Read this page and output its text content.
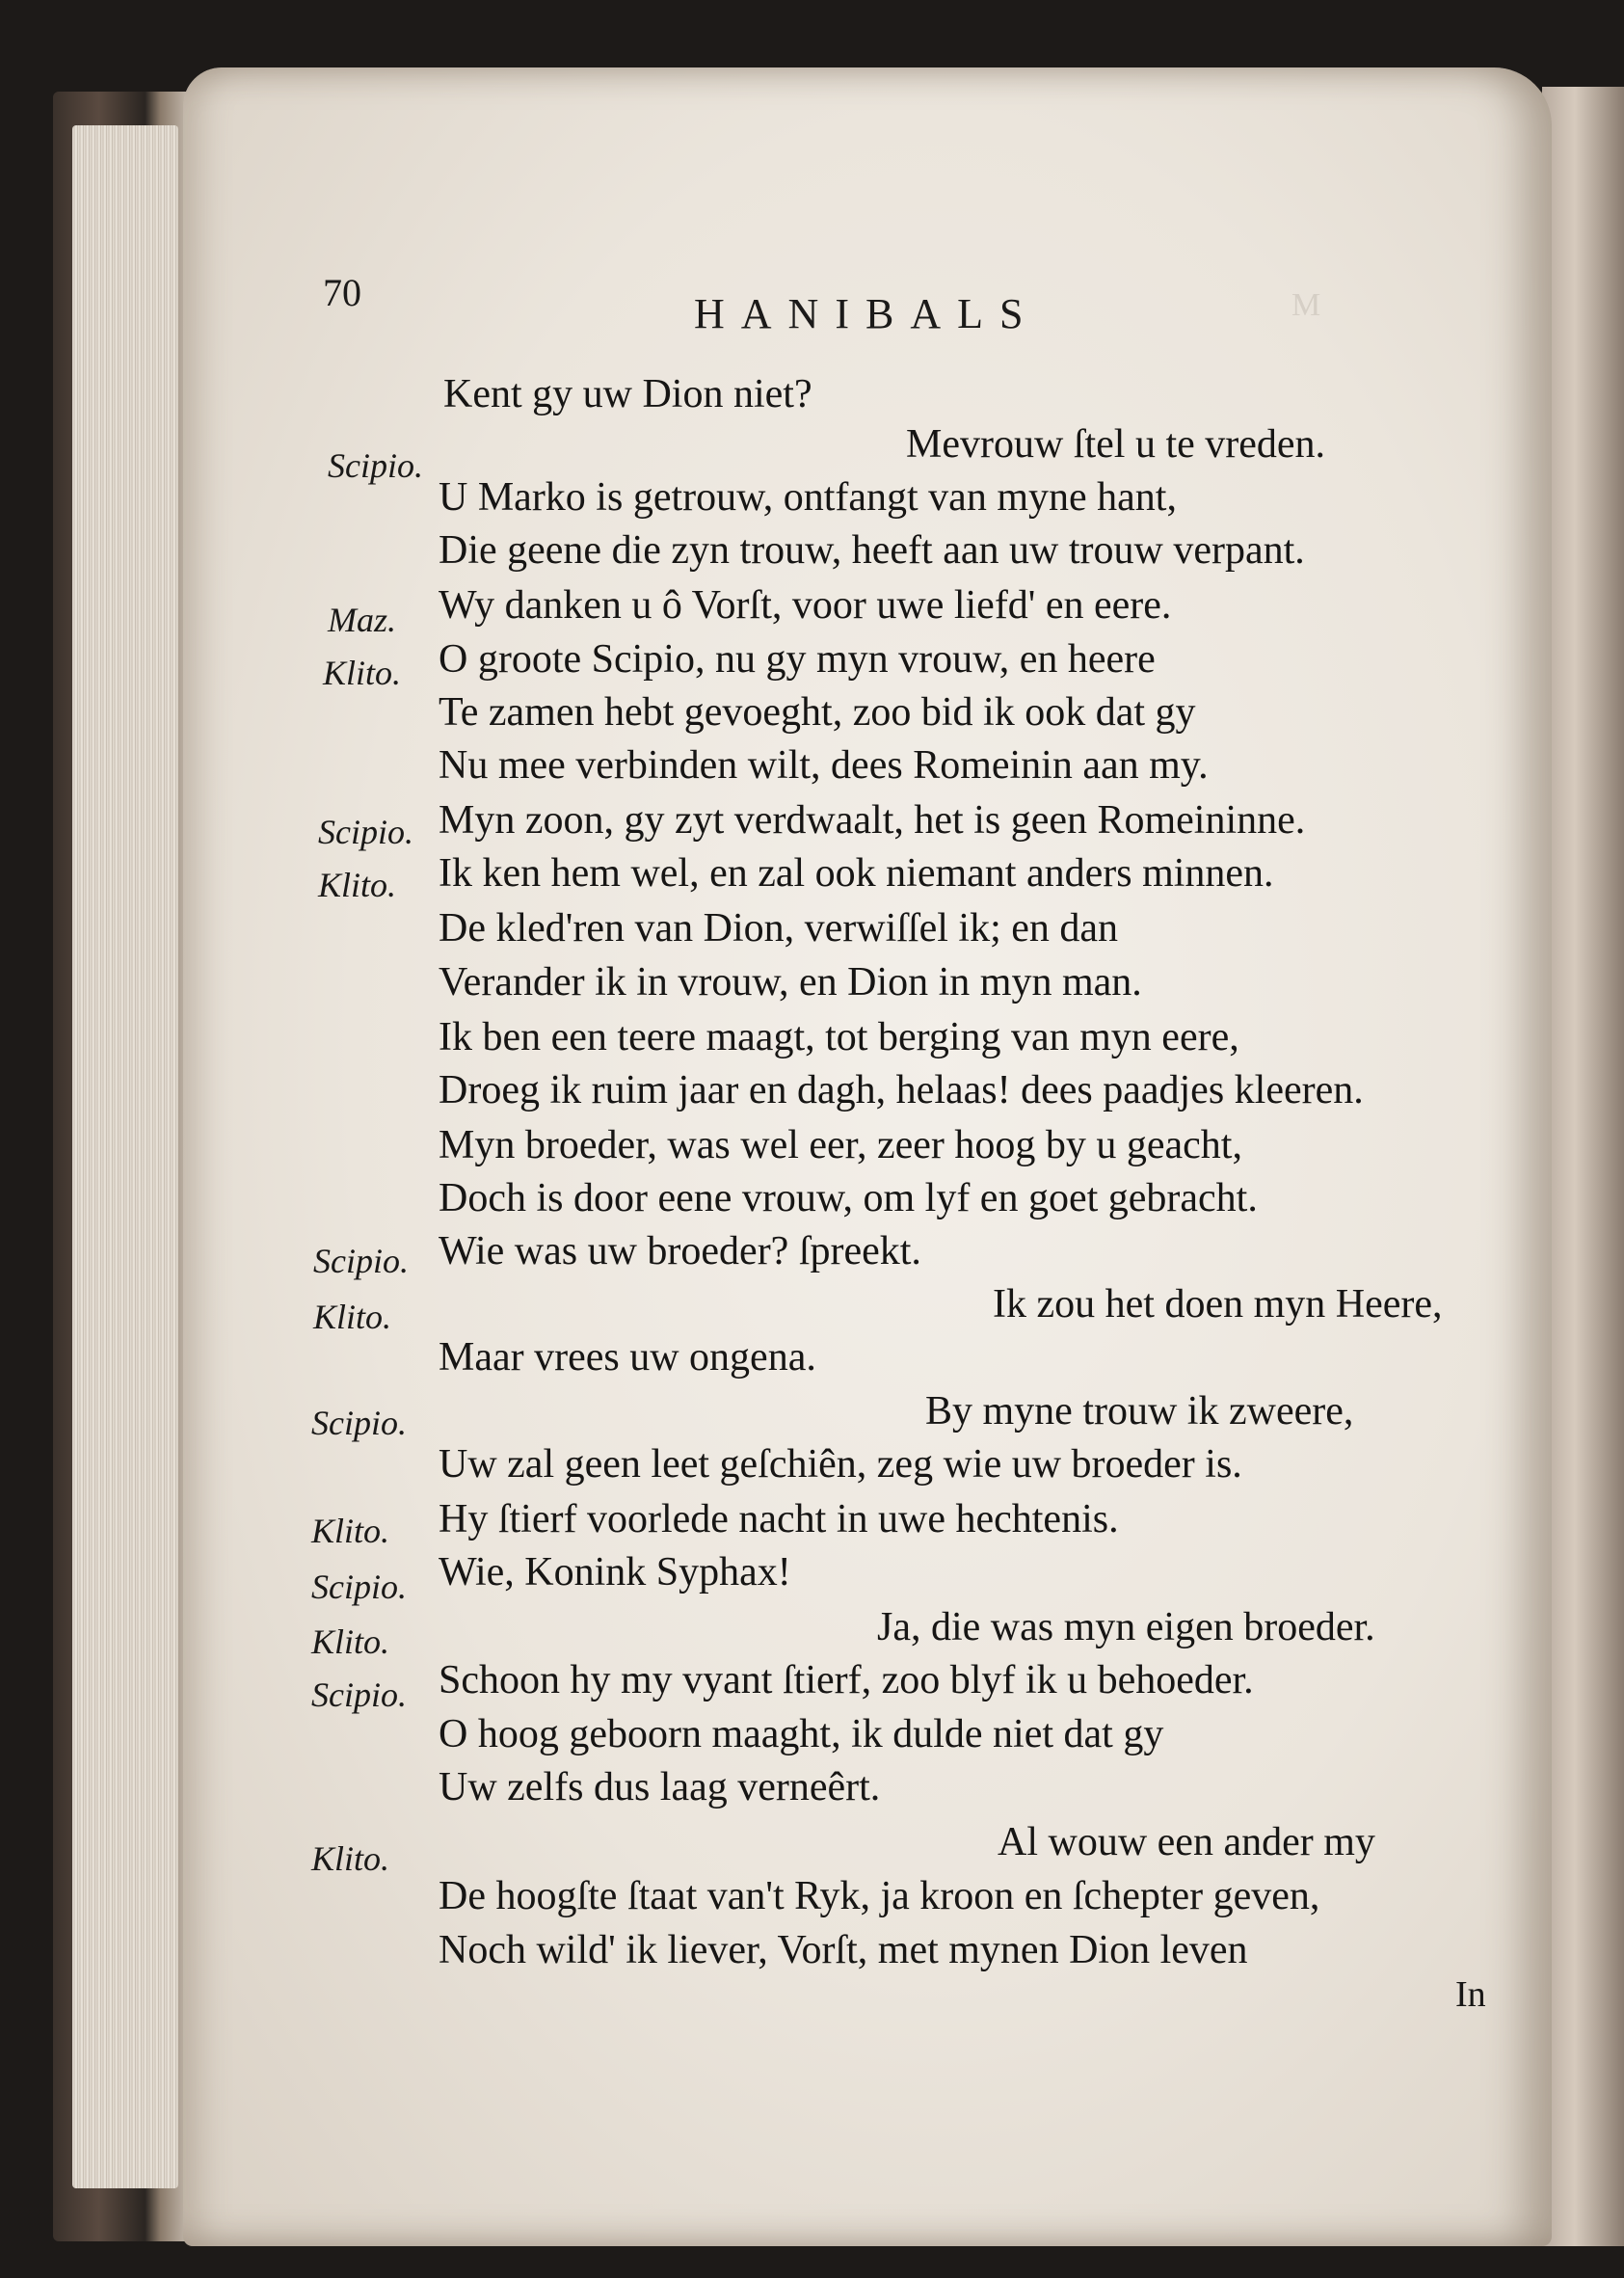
M
70	HANIBALS
Scipio.
Maz.
Klito.
Scipio.
Klito.
Scipio.
Klito.
Scipio.
Klito.
Scipio.
Klito.
Scipio.
Klito.
Kent gy uw Dion niet?
Mevrouw ſtel u te vreden.
U Marko is getrouw, ontfangt van myne hant,
Die geene die zyn trouw, heeft aan uw trouw verpant.
Wy danken u ô Vorſt, voor uwe liefd' en eere.
O groote Scipio, nu gy myn vrouw, en heere
Te zamen hebt gevoeght, zoo bid ik ook dat gy
Nu mee verbinden wilt, dees Romeinin aan my.
Myn zoon, gy zyt verdwaalt, het is geen Romeininne.
Ik ken hem wel, en zal ook niemant anders minnen.
De kled'ren van Dion, verwiſſel ik; en dan
Verander ik in vrouw, en Dion in myn man.
Ik ben een teere maagt, tot berging van myn eere,
Droeg ik ruim jaar en dagh, helaas! dees paadjes kleeren.
Myn broeder, was wel eer, zeer hoog by u geacht,
Doch is door eene vrouw, om lyf en goet gebracht.
Wie was uw broeder? ſpreekt.
Ik zou het doen myn Heere,
Maar vrees uw ongena.
By myne trouw ik zweere,
Uw zal geen leet geſchiên, zeg wie uw broeder is.
Hy ſtierf voorlede nacht in uwe hechtenis.
Wie, Konink Syphax!
Ja, die was myn eigen broeder.
Schoon hy my vyant ſtierf, zoo blyf ik u behoeder.
O hoog geboorn maaght, ik dulde niet dat gy
Uw zelfs dus laag verneêrt.
Al wouw een ander my
De hoogſte ſtaat van't Ryk, ja kroon en ſchepter geven,
Noch wild' ik liever, Vorſt, met mynen Dion leven
In
